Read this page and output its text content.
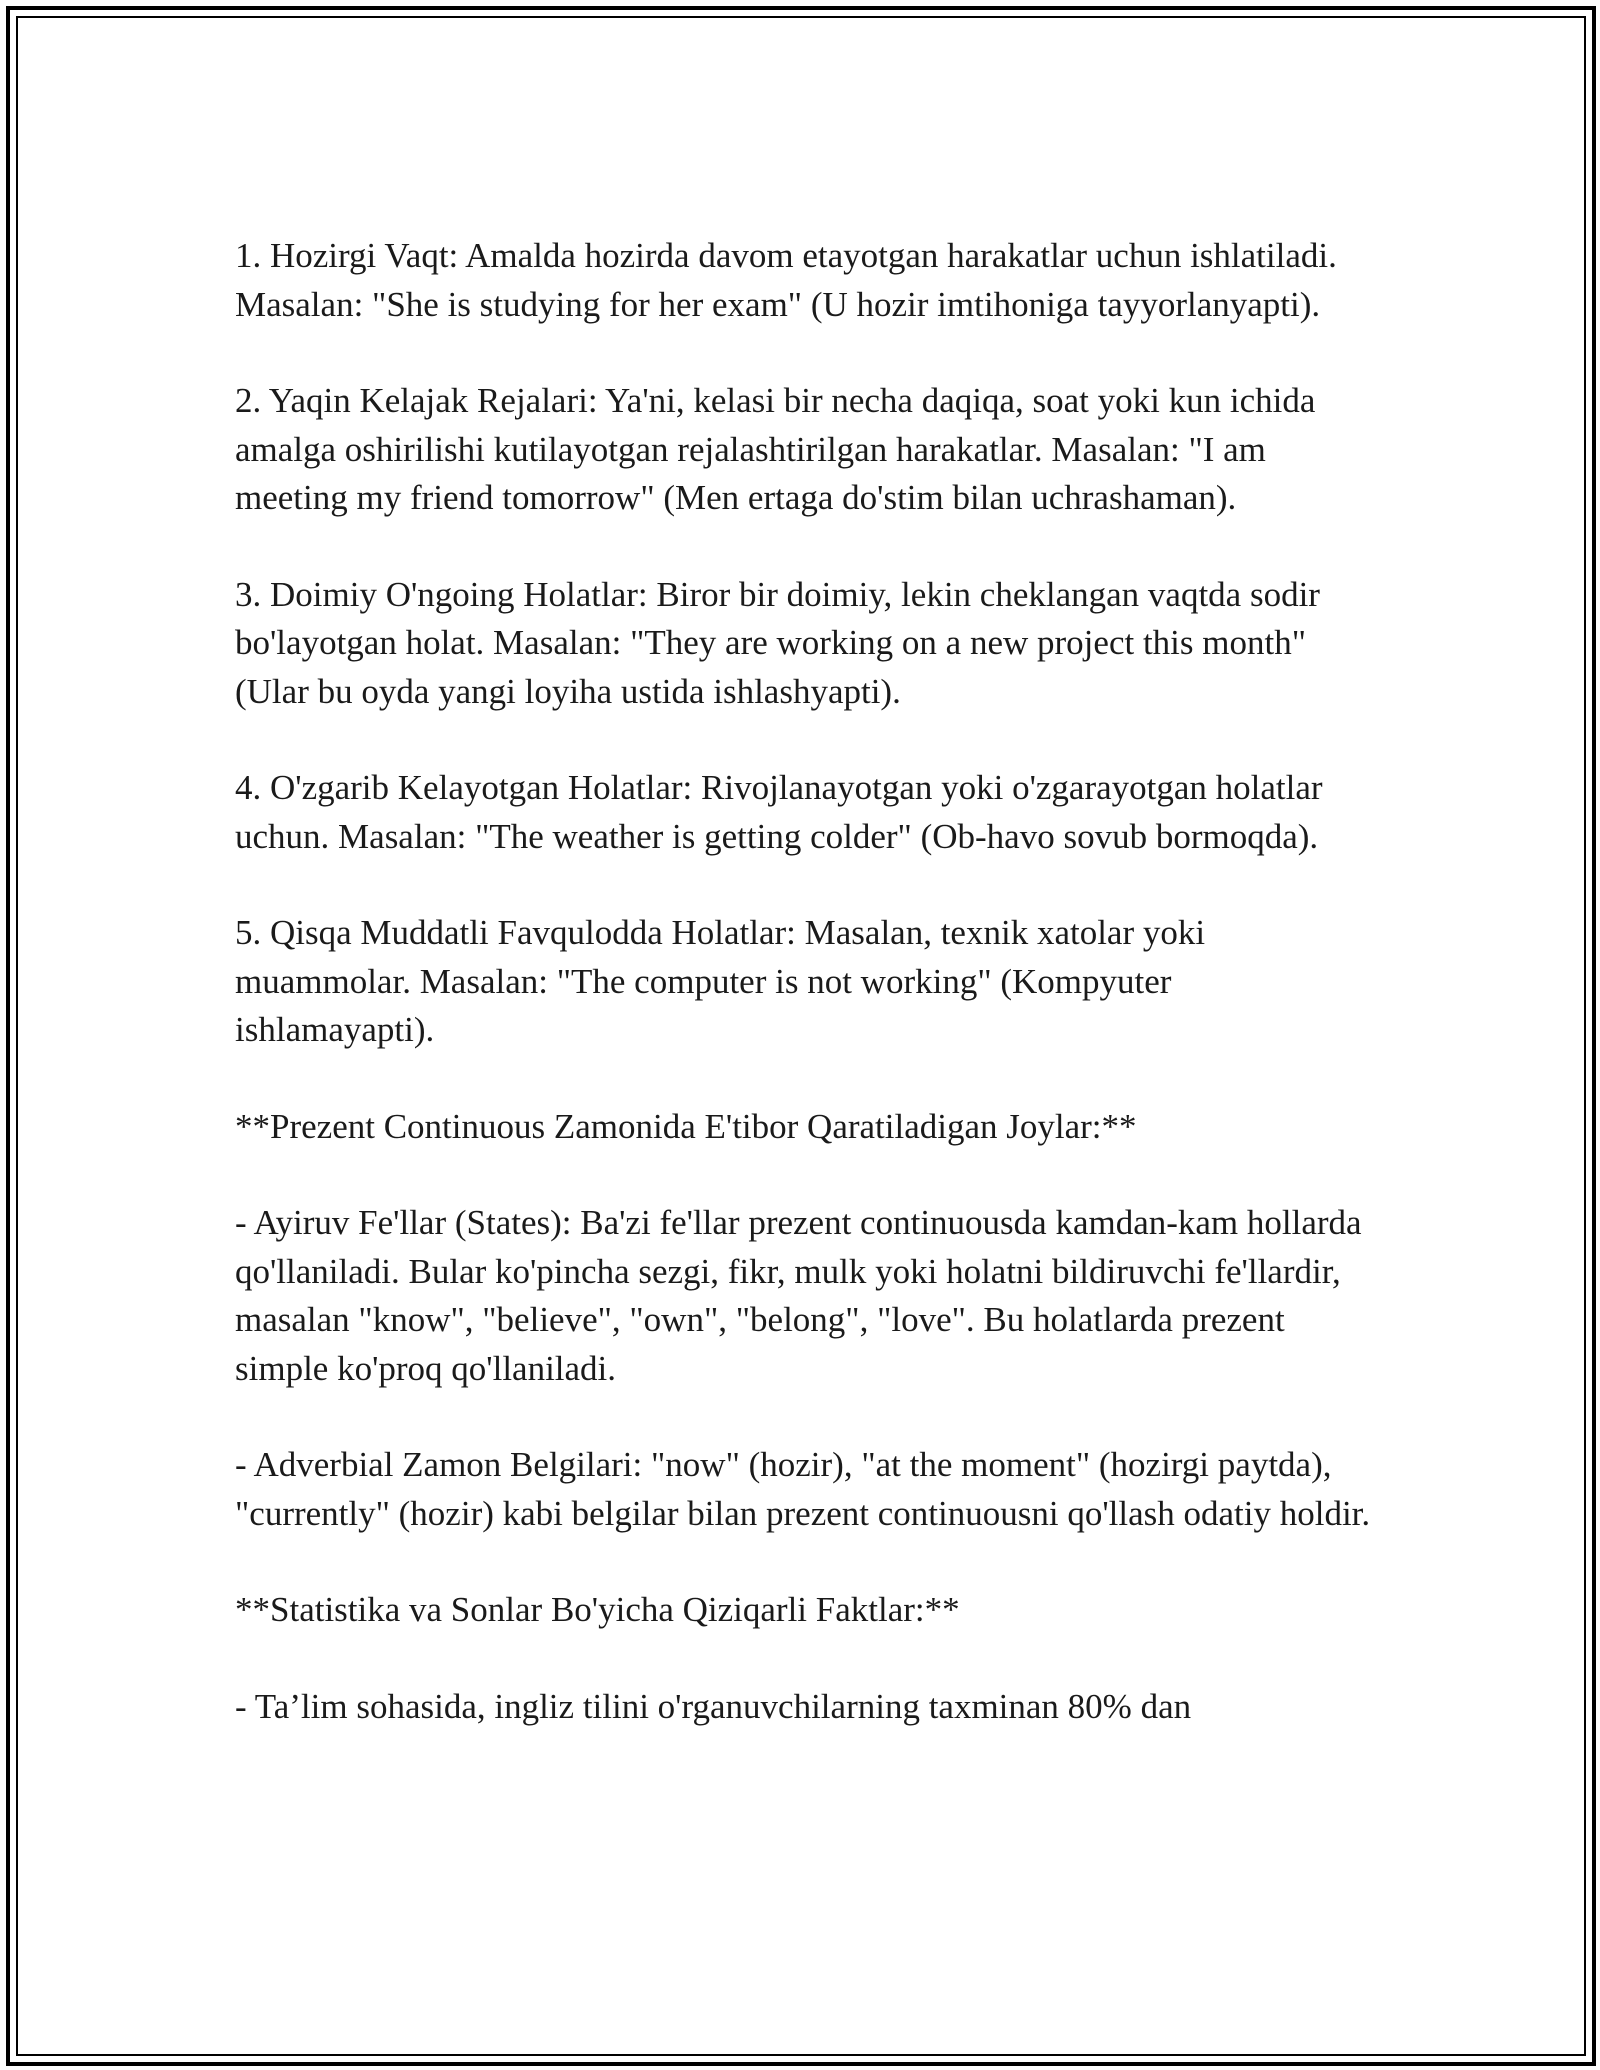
1. Hozirgi Vaqt: Amalda hozirda davom etayotgan harakatlar uchun ishlatiladi. Masalan: "She is studying for her exam" (U hozir imtihoniga tayyorlanyapti).

2. Yaqin Kelajak Rejalari: Ya'ni, kelasi bir necha daqiqa, soat yoki kun ichida amalga oshirilishi kutilayotgan rejalashtirilgan harakatlar. Masalan: "I am meeting my friend tomorrow" (Men ertaga do'stim bilan uchrashaman).

3. Doimiy O'ngoing Holatlar: Biror bir doimiy, lekin cheklangan vaqtda sodir bo'layotgan holat. Masalan: "They are working on a new project this month" (Ular bu oyda yangi loyiha ustida ishlashyapti).

4. O'zgarib Kelayotgan Holatlar: Rivojlanayotgan yoki o'zgarayotgan holatlar uchun. Masalan: "The weather is getting colder" (Ob-havo sovub bormoqda).

5. Qisqa Muddatli Favqulodda Holatlar: Masalan, texnik xatolar yoki muammolar. Masalan: "The computer is not working" (Kompyuter ishlamayapti).

**Prezent Continuous Zamonida E'tibor Qaratiladigan Joylar:**

- Ayiruv Fe'llar (States): Ba'zi fe'llar prezent continuousda kamdan-kam hollarda qo'llaniladi. Bular ko'pincha sezgi, fikr, mulk yoki holatni bildiruvchi fe'llardir, masalan "know", "believe", "own", "belong", "love". Bu holatlarda prezent simple ko'proq qo'llaniladi.

- Adverbial Zamon Belgilari: "now" (hozir), "at the moment" (hozirgi paytda), "currently" (hozir) kabi belgilar bilan prezent continuousni qo'llash odatiy holdir.

**Statistika va Sonlar Bo'yicha Qiziqarli Faktlar:**

- Ta’lim sohasida, ingliz tilini o'rganuvchilarning taxminan 80% dan
